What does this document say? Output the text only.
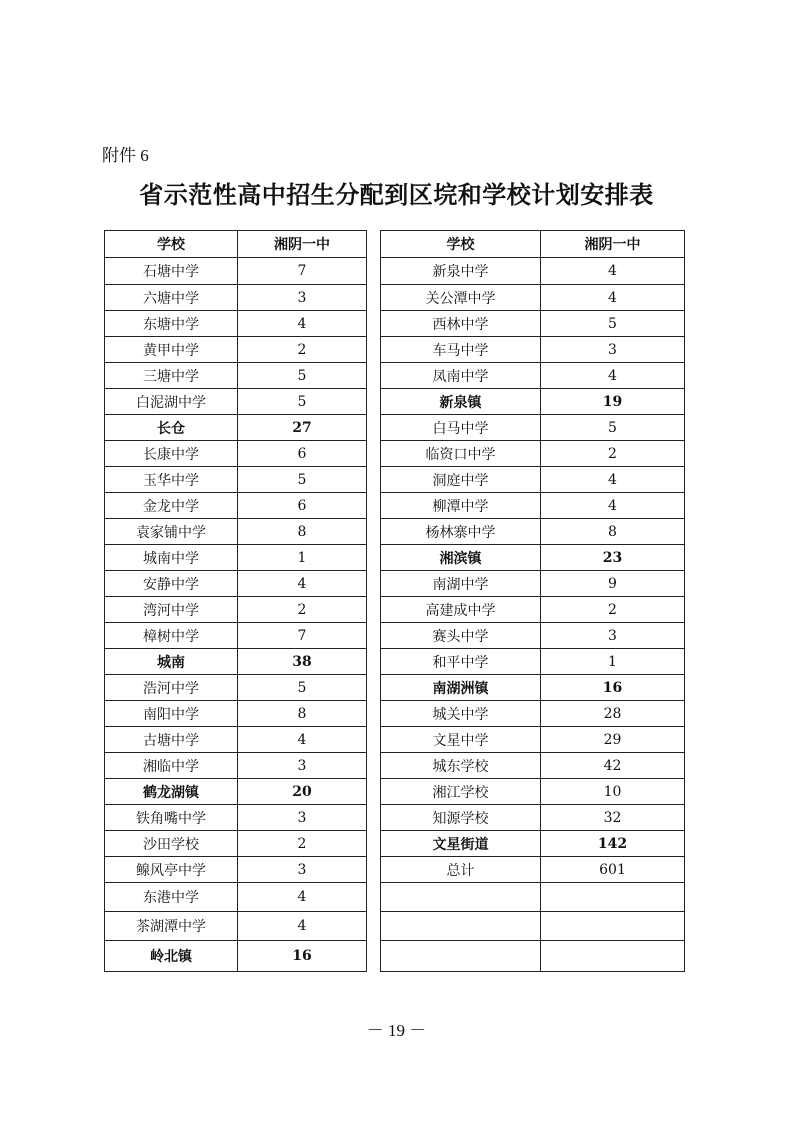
附件 6
省示范性高中招生分配到区垸和学校计划安排表
学校	湘阴一中
石塘中学	7
六塘中学	3
东塘中学	4
黄甲中学	2
三塘中学	5
白泥湖中学	5
长仓	27
长康中学	6
玉华中学	5
金龙中学	6
袁家铺中学	8
城南中学	1
安静中学	4
湾河中学	2
樟树中学	7
城南	38
浩河中学	5
南阳中学	8
古塘中学	4
湘临中学	3
鹤龙湖镇	20
铁角嘴中学	3
沙田学校	2
鳈风亭中学	3
东港中学	4
茶湖潭中学	4
岭北镇	16
学校	湘阴一中
新泉中学	4
关公潭中学	4
西林中学	5
车马中学	3
凤南中学	4
新泉镇	19
白马中学	5
临资口中学	2
洞庭中学	4
柳潭中学	4
杨林寨中学	8
湘滨镇	23
南湖中学	9
高建成中学	2
赛头中学	3
和平中学	1
南湖洲镇	16
城关中学	28
文星中学	29
城东学校	42
湘江学校	10
知源学校	32
文星街道	142
总计	601

－ 19 －
